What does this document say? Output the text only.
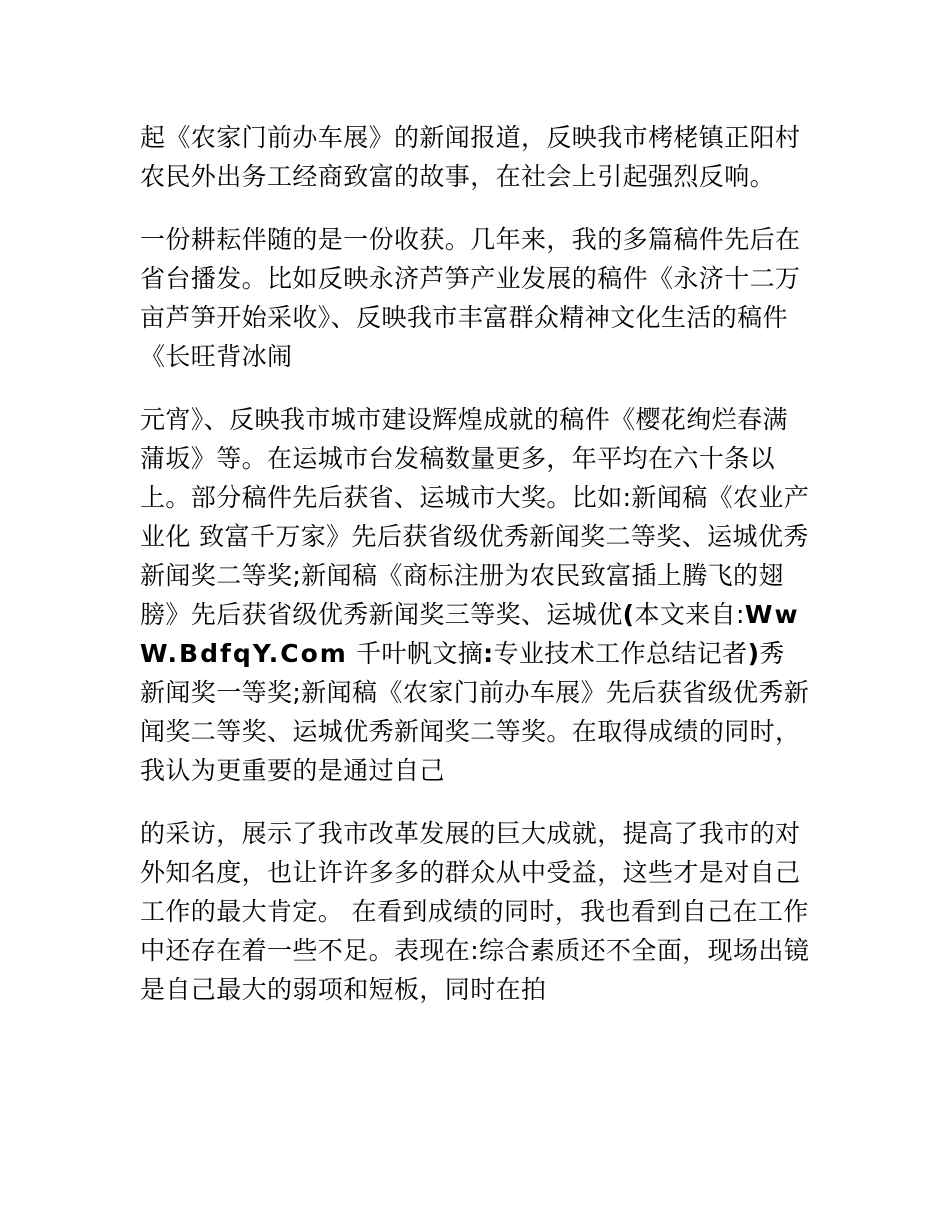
起《农家门前办车展》的新闻报道，反映我市栲栳镇正阳村农民外出务工经商致富的故事，在社会上引起强烈反响。

一份耕耘伴随的是一份收获。几年来，我的多篇稿件先后在省台播发。比如反映永济芦笋产业发展的稿件《永济十二万亩芦笋开始采收》、反映我市丰富群众精神文化生活的稿件《长旺背冰闹

元宵》、反映我市城市建设辉煌成就的稿件《樱花绚烂春满蒲坂》等。在运城市台发稿数量更多，年平均在六十条以上。部分稿件先后获省、运城市大奖。比如:新闻稿《农业产业化 致富千万家》先后获省级优秀新闻奖二等奖、运城优秀新闻奖二等奖;新闻稿《商标注册为农民致富插上腾飞的翅膀》先后获省级优秀新闻奖三等奖、运城优(本文来自:WwW.BdfqY.Com 千叶帆文摘:专业技术工作总结记者)秀新闻奖一等奖;新闻稿《农家门前办车展》先后获省级优秀新闻奖二等奖、运城优秀新闻奖二等奖。在取得成绩的同时，我认为更重要的是通过自己

的采访，展示了我市改革发展的巨大成就，提高了我市的对外知名度，也让许许多多的群众从中受益，这些才是对自己工作的最大肯定。 在看到成绩的同时，我也看到自己在工作中还存在着一些不足。表现在:综合素质还不全面，现场出镜是自己最大的弱项和短板，同时在拍
